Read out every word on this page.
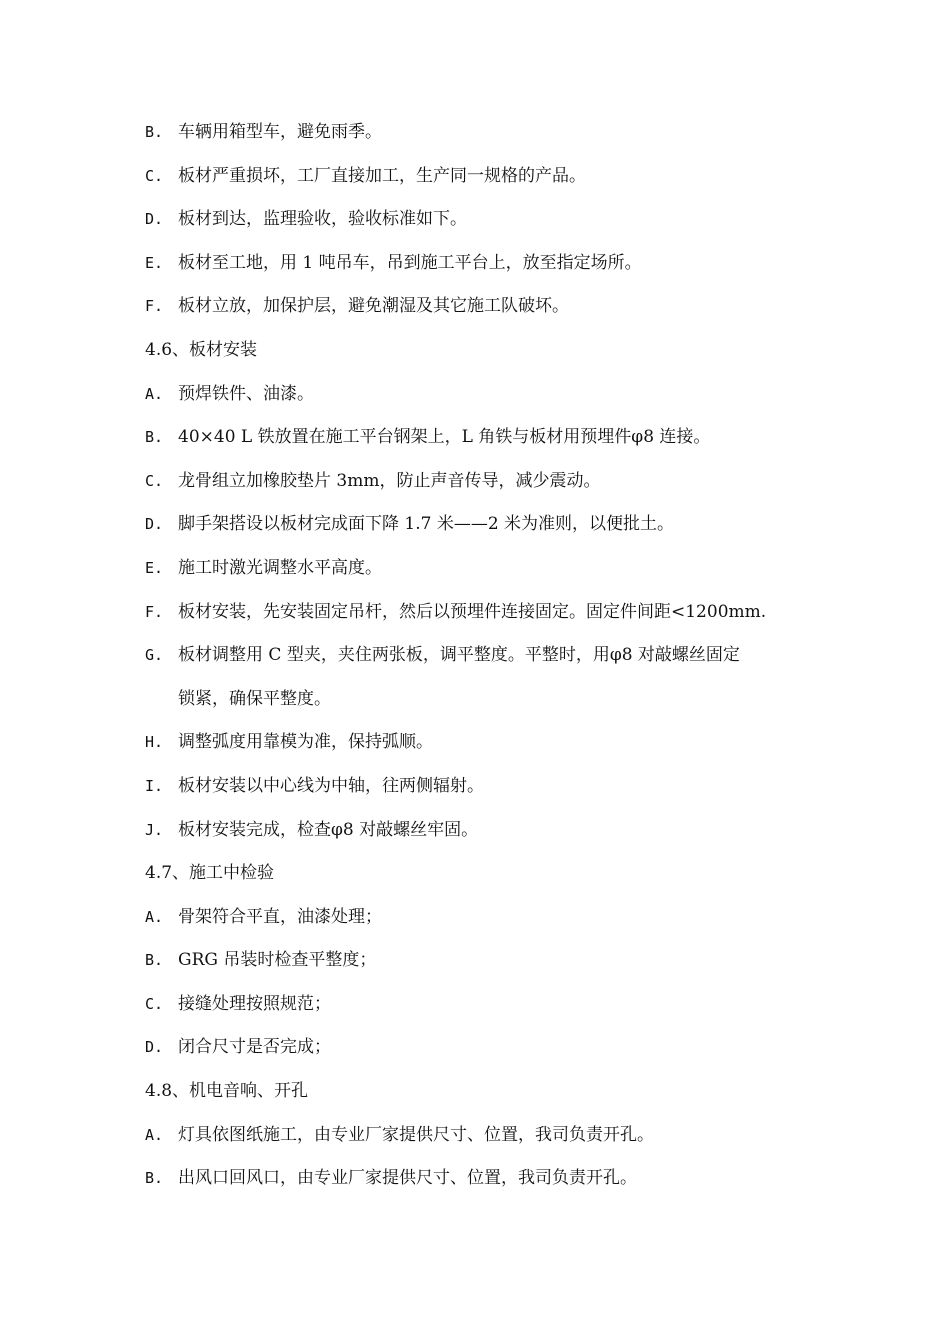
B. 车辆用箱型车，避免雨季。
C. 板材严重损坏，工厂直接加工，生产同一规格的产品。
D. 板材到达，监理验收，验收标准如下。
E. 板材至工地，用 1 吨吊车，吊到施工平台上，放至指定场所。
F. 板材立放，加保护层，避免潮湿及其它施工队破坏。
4.6、板材安装
A. 预焊铁件、油漆。
B. 40×40 L 铁放置在施工平台钢架上，L 角铁与板材用预埋件φ8 连接。
C. 龙骨组立加橡胶垫片 3mm，防止声音传导，减少震动。
D. 脚手架搭设以板材完成面下降 1.7 米——2 米为准则，以便批土。
E. 施工时激光调整水平高度。
F. 板材安装，先安装固定吊杆，然后以预埋件连接固定。固定件间距<1200mm.
G. 板材调整用 C 型夹，夹住两张板，调平整度。平整时，用φ8 对敲螺丝固定
锁紧，确保平整度。
H. 调整弧度用靠模为准，保持弧顺。
I. 板材安装以中心线为中轴，往两侧辐射。
J. 板材安装完成，检查φ8 对敲螺丝牢固。
4.7、施工中检验
A. 骨架符合平直，油漆处理；
B. GRG 吊装时检查平整度；
C. 接缝处理按照规范；
D. 闭合尺寸是否完成；
4.8、机电音响、开孔
A. 灯具依图纸施工，由专业厂家提供尺寸、位置，我司负责开孔。
B. 出风口回风口，由专业厂家提供尺寸、位置，我司负责开孔。
